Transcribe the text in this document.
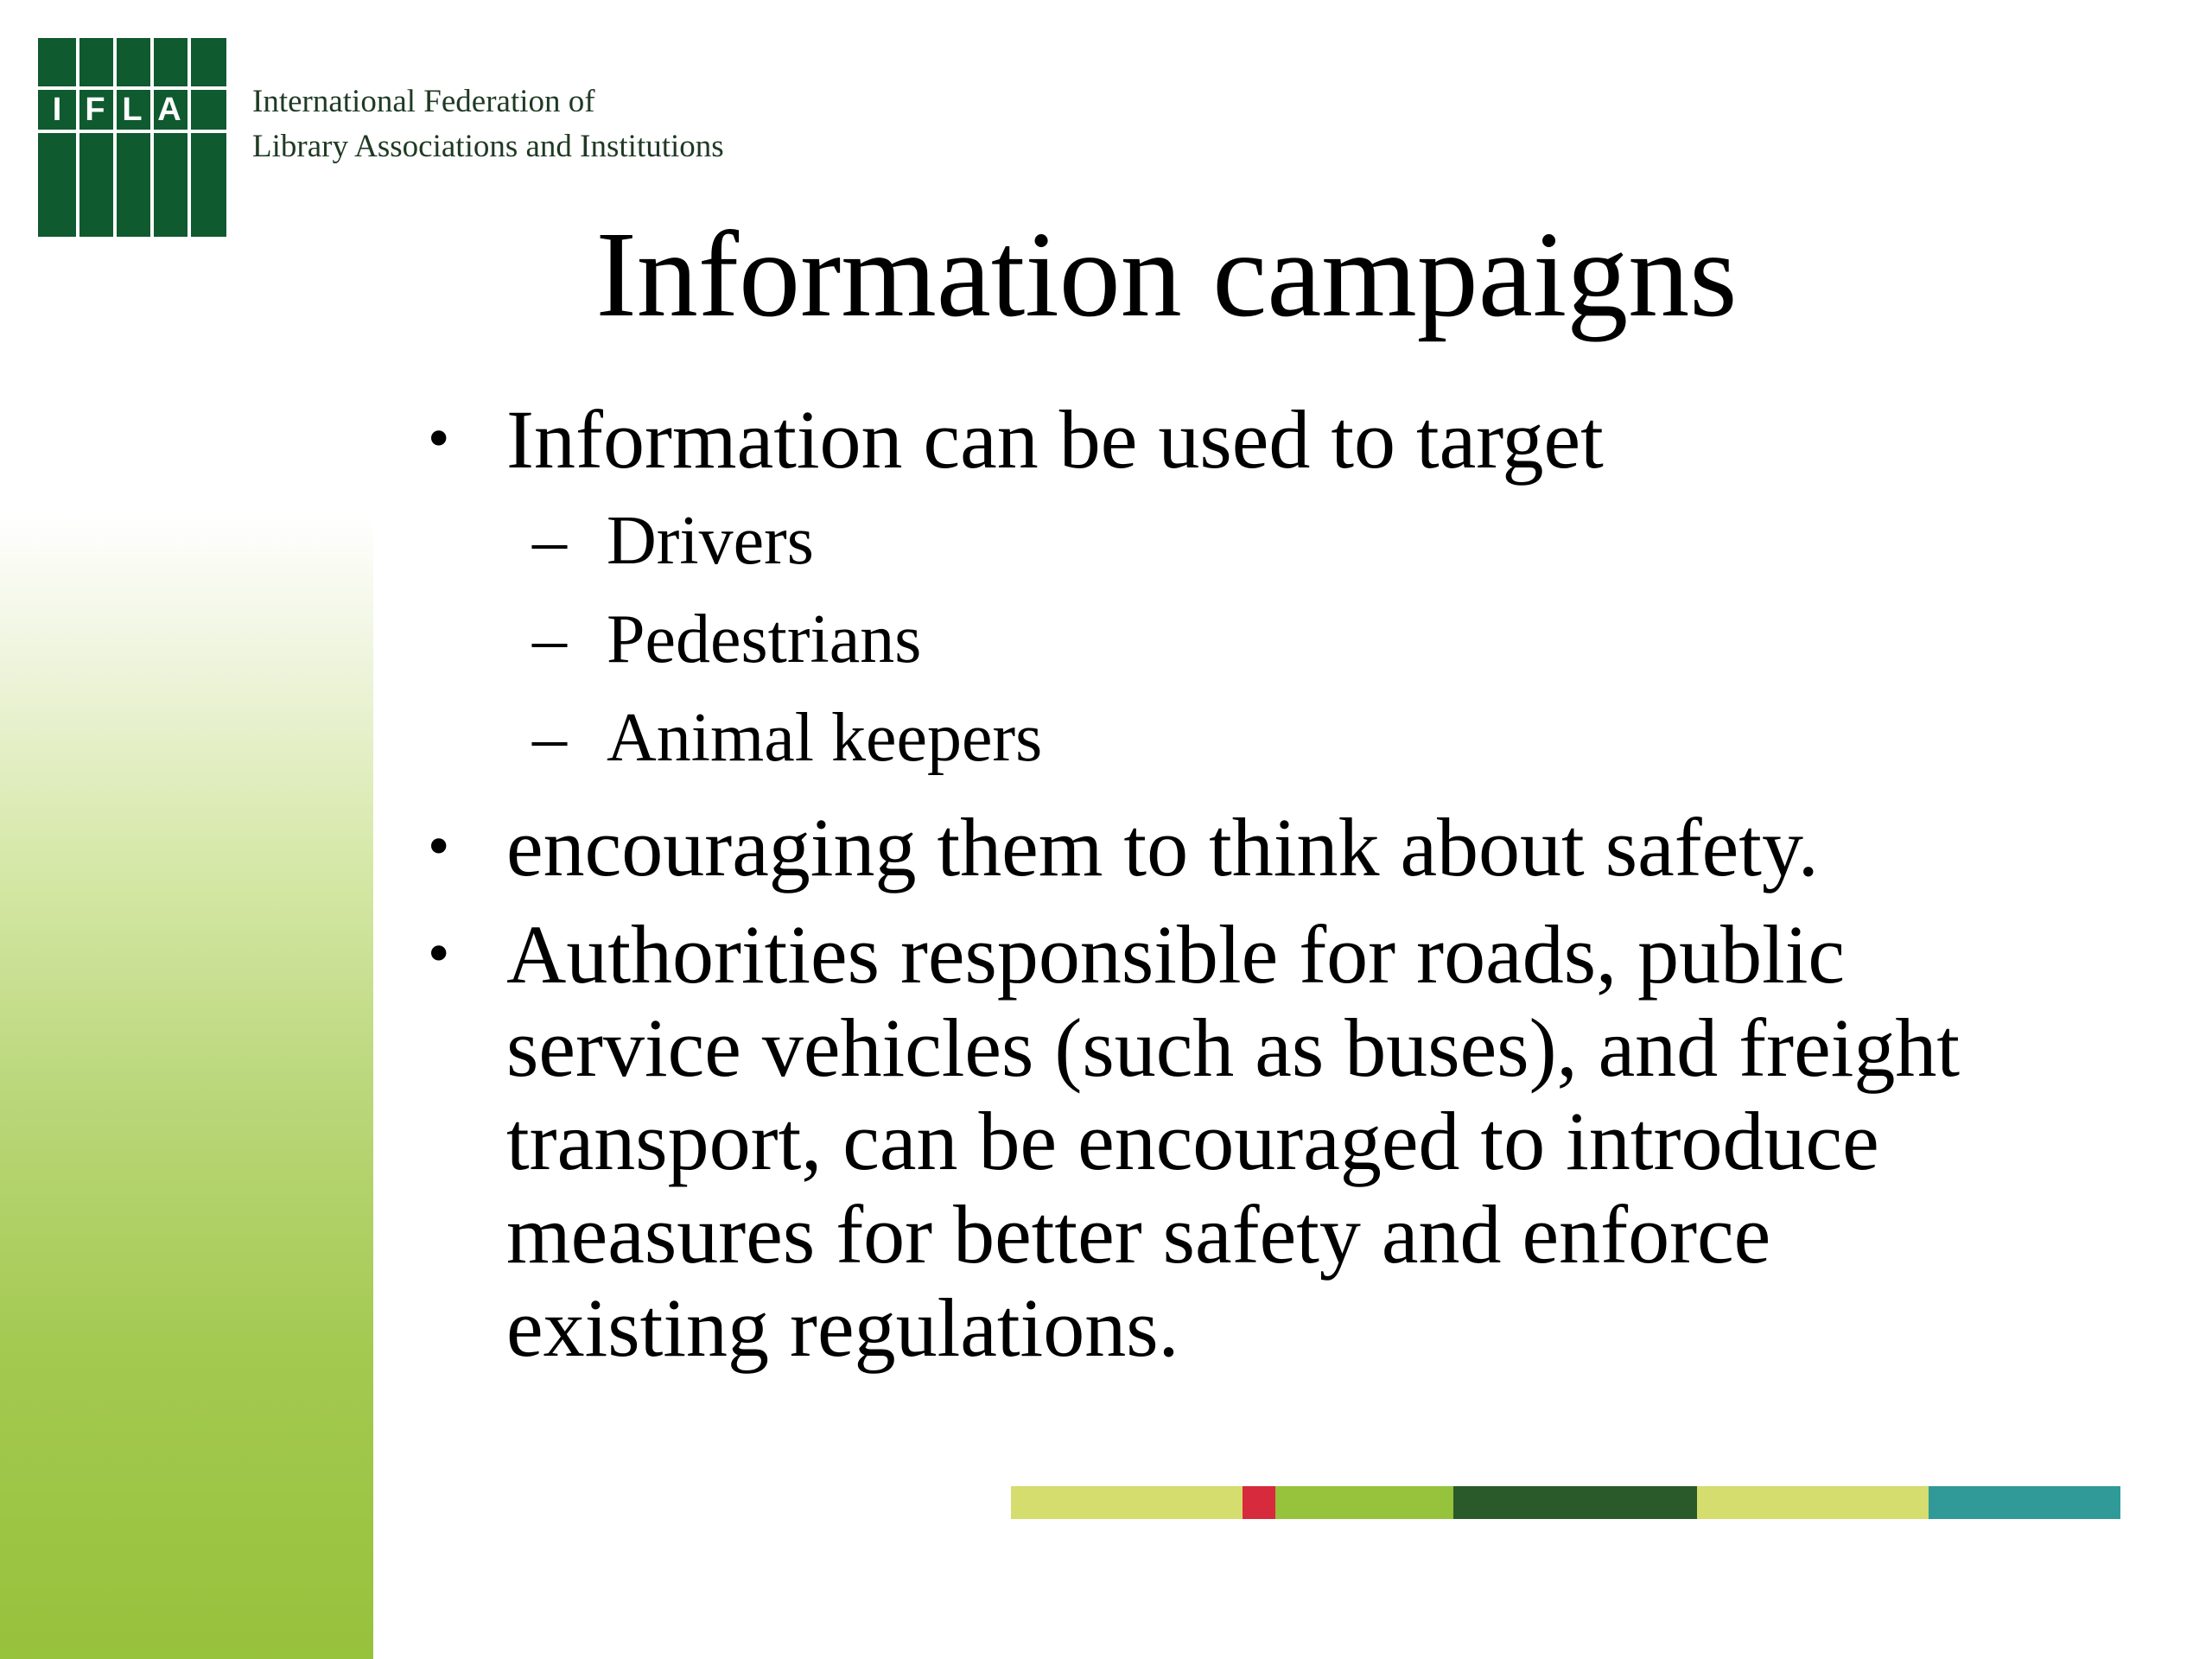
I F L A International Federation of
Library Associations and Institutions
Information campaigns
• Information can be used to target
– Drivers
– Pedestrians
– Animal keepers
• encouraging them to think about safety.
• Authorities responsible for roads, public service vehicles (such as buses), and freight transport, can be encouraged to introduce measures for better safety and enforce existing regulations.
